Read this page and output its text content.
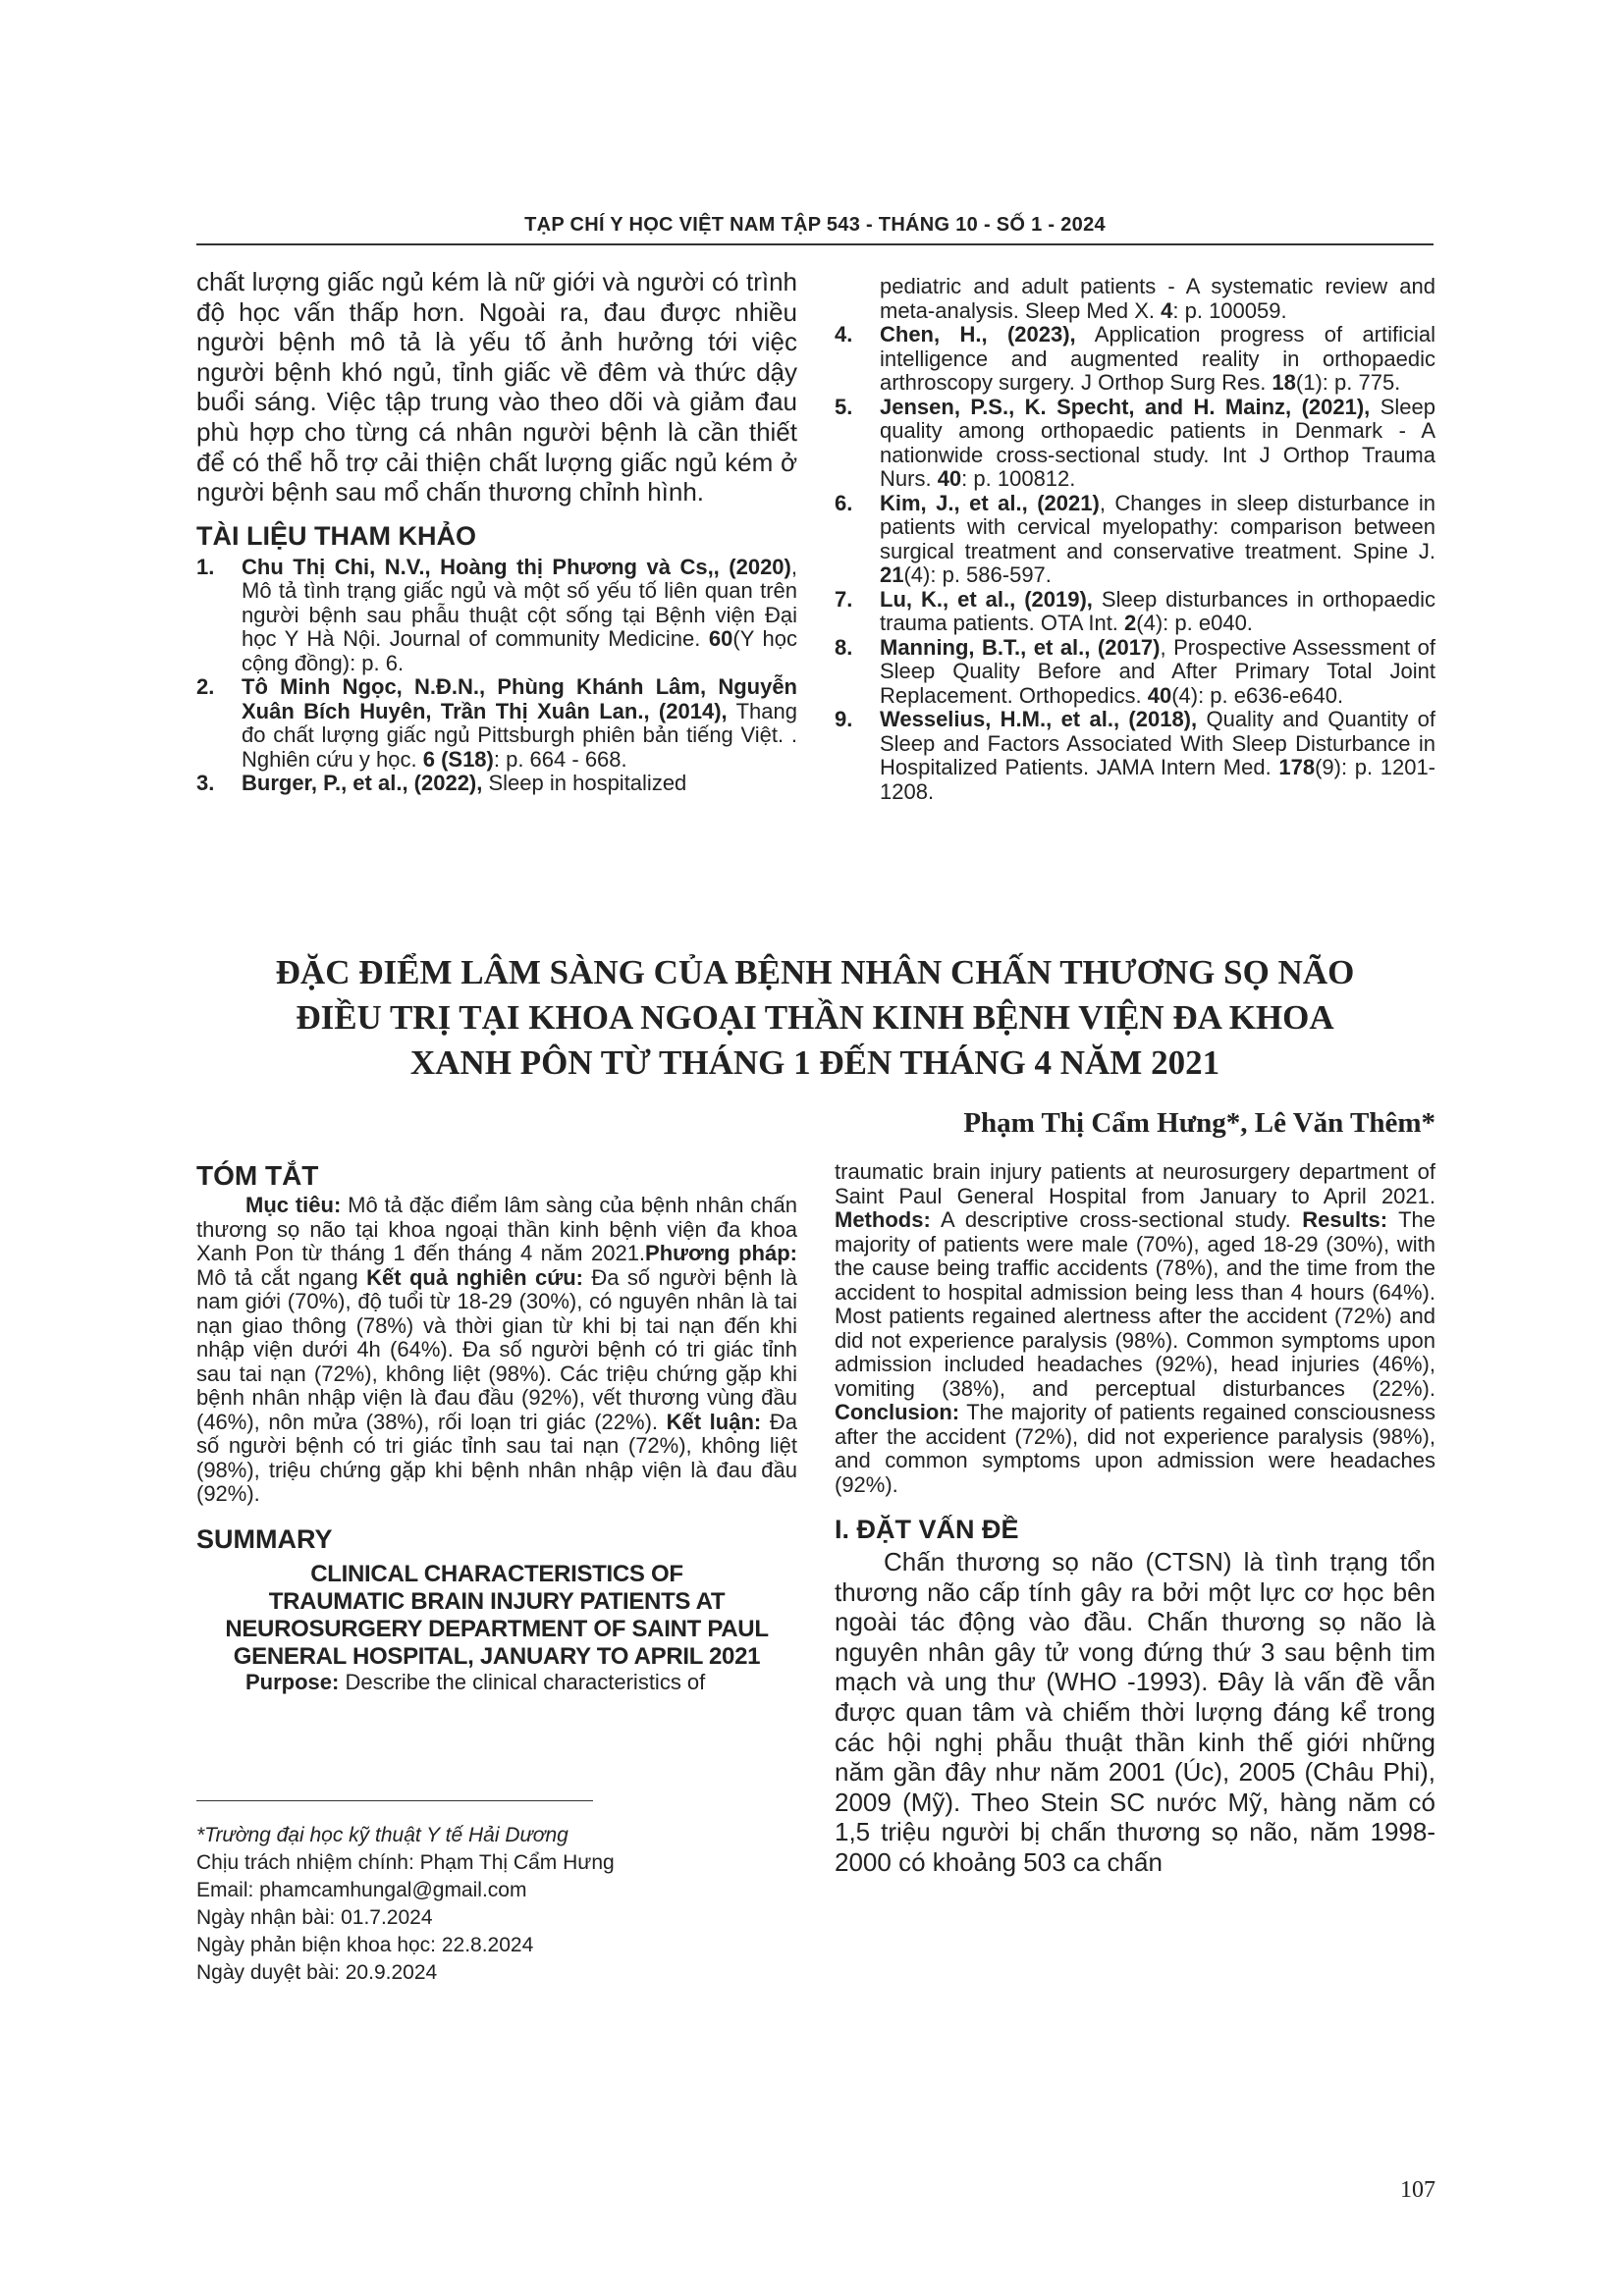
TẠP CHÍ Y HỌC VIỆT NAM TẬP 543 - THÁNG 10 - SỐ 1 - 2024

chất lượng giấc ngủ kém là nữ giới và người có trình độ học vấn thấp hơn. Ngoài ra, đau được nhiều người bệnh mô tả là yếu tố ảnh hưởng tới việc người bệnh khó ngủ, tỉnh giấc về đêm và thức dậy buổi sáng. Việc tập trung vào theo dõi và giảm đau phù hợp cho từng cá nhân người bệnh là cần thiết để có thể hỗ trợ cải thiện chất lượng giấc ngủ kém ở người bệnh sau mổ chấn thương chỉnh hình.

TÀI LIỆU THAM KHẢO
1.	Chu Thị Chi, N.V., Hoàng thị Phương và Cs,, (2020), Mô tả tình trạng giấc ngủ và một số yếu tố liên quan trên người bệnh sau phẫu thuật cột sống tại Bệnh viện Đại học Y Hà Nội. Journal of community Medicine. 60(Y học cộng đồng): p. 6.
2.	Tô Minh Ngọc, N.Đ.N., Phùng Khánh Lâm, Nguyễn Xuân Bích Huyên, Trần Thị Xuân Lan., (2014), Thang đo chất lượng giấc ngủ Pittsburgh phiên bản tiếng Việt. . Nghiên cứu y học. 6 (S18): p. 664 - 668.
3.	Burger, P., et al., (2022), Sleep in hospitalized
pediatric and adult patients - A systematic review and meta-analysis. Sleep Med X. 4: p. 100059.
4.	Chen, H., (2023), Application progress of artificial intelligence and augmented reality in orthopaedic arthroscopy surgery. J Orthop Surg Res. 18(1): p. 775.
5.	Jensen, P.S., K. Specht, and H. Mainz, (2021), Sleep quality among orthopaedic patients in Denmark - A nationwide cross-sectional study. Int J Orthop Trauma Nurs. 40: p. 100812.
6.	Kim, J., et al., (2021), Changes in sleep disturbance in patients with cervical myelopathy: comparison between surgical treatment and conservative treatment. Spine J. 21(4): p. 586-597.
7.	Lu, K., et al., (2019), Sleep disturbances in orthopaedic trauma patients. OTA Int. 2(4): p. e040.
8.	Manning, B.T., et al., (2017), Prospective Assessment of Sleep Quality Before and After Primary Total Joint Replacement. Orthopedics. 40(4): p. e636-e640.
9.	Wesselius, H.M., et al., (2018), Quality and Quantity of Sleep and Factors Associated With Sleep Disturbance in Hospitalized Patients. JAMA Intern Med. 178(9): p. 1201-1208.
ĐẶC ĐIỂM LÂM SÀNG CỦA BỆNH NHÂN CHẤN THƯƠNG SỌ NÃO
ĐIỀU TRỊ TẠI KHOA NGOẠI THẦN KINH BỆNH VIỆN ĐA KHOA
XANH PÔN TỪ THÁNG 1 ĐẾN THÁNG 4 NĂM 2021
Phạm Thị Cẩm Hưng*, Lê Văn Thêm*
TÓM TẮT

Mục tiêu: Mô tả đặc điểm lâm sàng của bệnh nhân chấn thương sọ não tại khoa ngoại thần kinh bệnh viện đa khoa Xanh Pon từ tháng 1 đến tháng 4 năm 2021.Phương pháp: Mô tả cắt ngang Kết quả nghiên cứu: Đa số người bệnh là nam giới (70%), độ tuổi từ 18-29 (30%), có nguyên nhân là tai nạn giao thông (78%) và thời gian từ khi bị tai nạn đến khi nhập viện dưới 4h (64%). Đa số người bệnh có tri giác tỉnh sau tai nạn (72%), không liệt (98%). Các triệu chứng gặp khi bệnh nhân nhập viện là đau đầu (92%), vết thương vùng đầu (46%), nôn mửa (38%), rối loạn tri giác (22%). Kết luận: Đa số người bệnh có tri giác tỉnh sau tai nạn (72%), không liệt (98%), triệu chứng gặp khi bệnh nhân nhập viện là đau đầu (92%).

SUMMARY

CLINICAL CHARACTERISTICS OF

TRAUMATIC BRAIN INJURY PATIENTS AT

NEUROSURGERY DEPARTMENT OF SAINT PAUL

GENERAL HOSPITAL, JANUARY TO APRIL 2021

Purpose: Describe the clinical characteristics of

*Trường đại học kỹ thuật Y tế Hải Dương
Chịu trách nhiệm chính: Phạm Thị Cẩm Hưng
Email: phamcamhungal@gmail.com
Ngày nhận bài: 01.7.2024
Ngày phản biện khoa học: 22.8.2024
Ngày duyệt bài: 20.9.2024

traumatic brain injury patients at neurosurgery department of Saint Paul General Hospital from January to April 2021. Methods: A descriptive cross-sectional study. Results: The majority of patients were male (70%), aged 18-29 (30%), with the cause being traffic accidents (78%), and the time from the accident to hospital admission being less than 4 hours (64%). Most patients regained alertness after the accident (72%) and did not experience paralysis (98%). Common symptoms upon admission included headaches (92%), head injuries (46%), vomiting (38%), and perceptual disturbances (22%). Conclusion: The majority of patients regained consciousness after the accident (72%), did not experience paralysis (98%), and common symptoms upon admission were headaches (92%).

I. ĐẶT VẤN ĐỀ

Chấn thương sọ não (CTSN) là tình trạng tổn thương não cấp tính gây ra bởi một lực cơ học bên ngoài tác động vào đầu. Chấn thương sọ não là nguyên nhân gây tử vong đứng thứ 3 sau bệnh tim mạch và ung thư (WHO -1993). Đây là vấn đề vẫn được quan tâm và chiếm thời lượng đáng kể trong các hội nghị phẫu thuật thần kinh thế giới những năm gần đây như năm 2001 (Úc), 2005 (Châu Phi), 2009 (Mỹ). Theo Stein SC nước Mỹ, hàng năm có 1,5 triệu người bị chấn thương sọ não, năm 1998-2000 có khoảng 503 ca chấn

107
